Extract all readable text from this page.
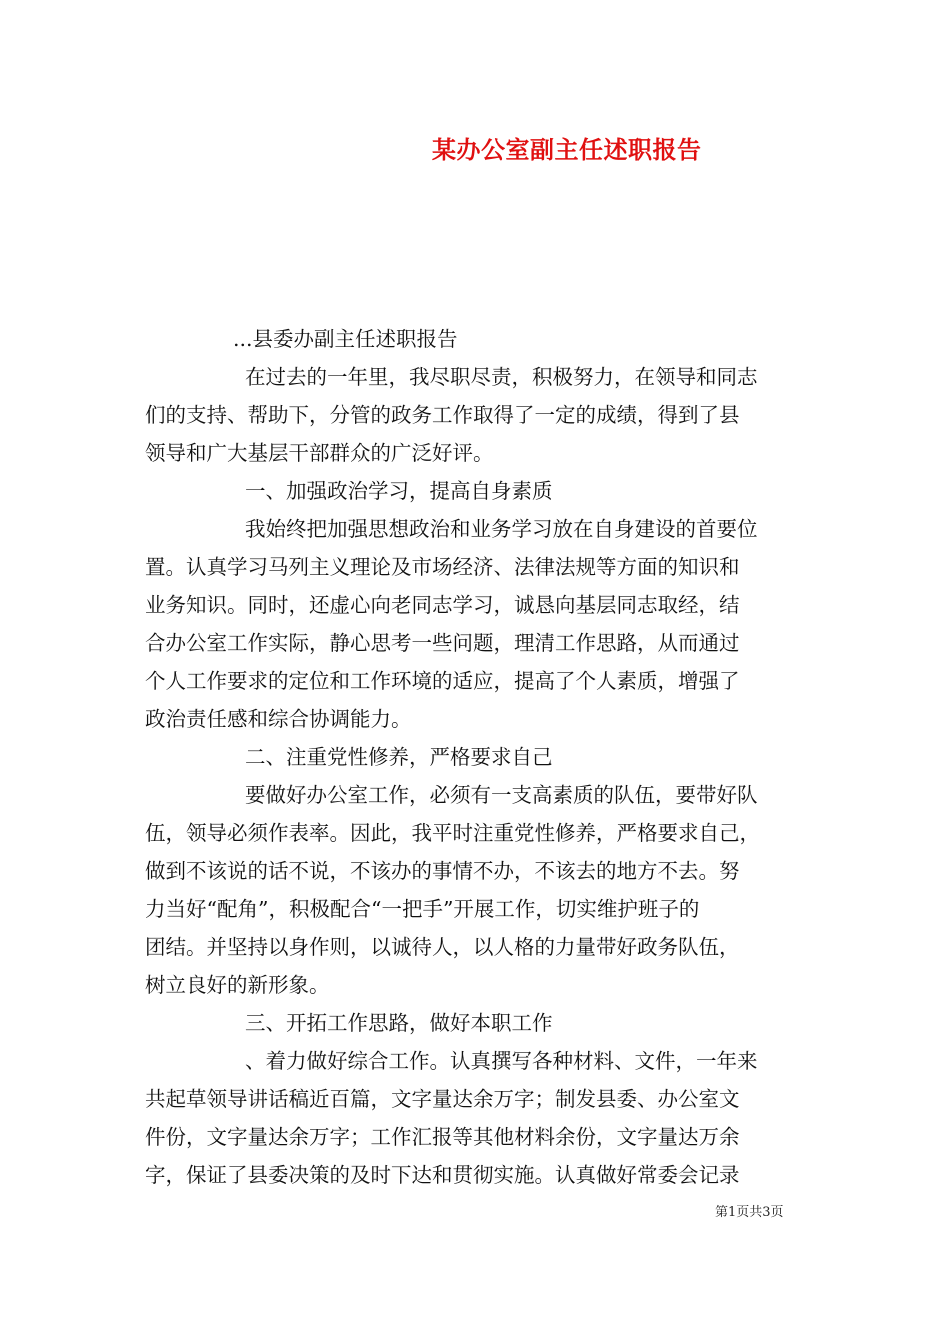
某办公室副主任述职报告
...县委办副主任述职报告
在过去的一年里，我尽职尽责，积极努力，在领导和同志
们的支持、帮助下，分管的政务工作取得了一定的成绩，得到了县
领导和广大基层干部群众的广泛好评。
一、加强政治学习，提高自身素质
我始终把加强思想政治和业务学习放在自身建设的首要位
置。认真学习马列主义理论及市场经济、法律法规等方面的知识和
业务知识。同时，还虚心向老同志学习，诚恳向基层同志取经，结
合办公室工作实际，静心思考一些问题，理清工作思路，从而通过
个人工作要求的定位和工作环境的适应，提高了个人素质，增强了
政治责任感和综合协调能力。
二、注重党性修养，严格要求自己
要做好办公室工作，必须有一支高素质的队伍，要带好队
伍，领导必须作表率。因此，我平时注重党性修养，严格要求自己，
做到不该说的话不说，不该办的事情不办，不该去的地方不去。努
力当好“配角”，积极配合“一把手”开展工作，切实维护班子的
团结。并坚持以身作则，以诚待人，以人格的力量带好政务队伍，
树立良好的新形象。
三、开拓工作思路，做好本职工作
、着力做好综合工作。认真撰写各种材料、文件，一年来
共起草领导讲话稿近百篇，文字量达余万字；制发县委、办公室文
件份，文字量达余万字；工作汇报等其他材料余份，文字量达万余
字，保证了县委决策的及时下达和贯彻实施。认真做好常委会记录
第1页共3页
